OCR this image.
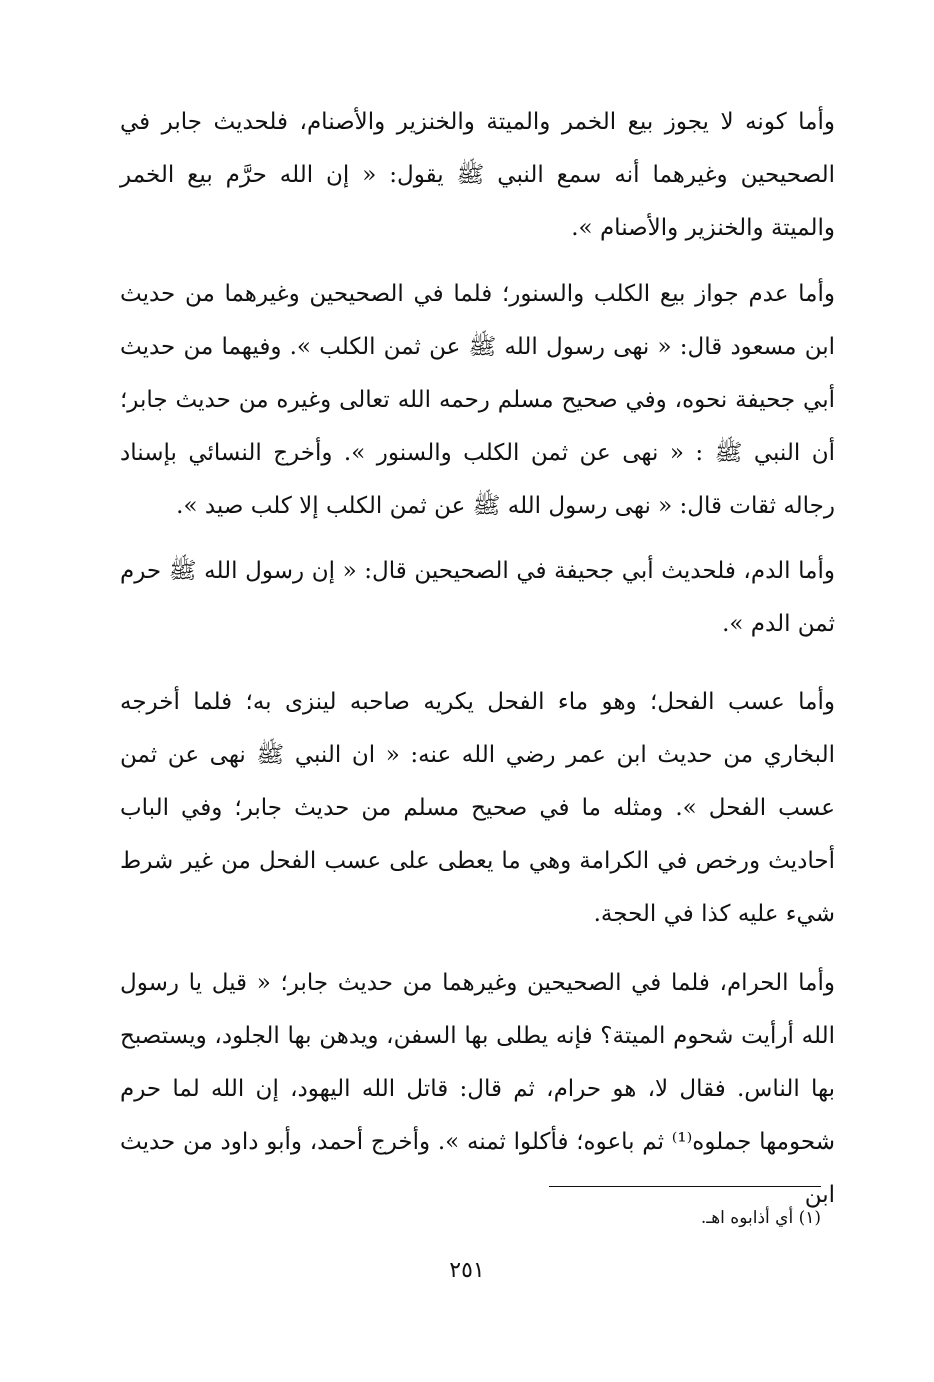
وأما كونه لا يجوز بيع الخمر والميتة والخنزير والأصنام، فلحديث جابر في الصحيحين وغيرهما أنه سمع النبي ﷺ يقول: « إن الله حرَّم بيع الخمر والميتة والخنزير والأصنام ».

وأما عدم جواز بيع الكلب والسنور؛ فلما في الصحيحين وغيرهما من حديث ابن مسعود قال: « نهى رسول الله ﷺ عن ثمن الكلب ». وفيهما من حديث أبي جحيفة نحوه، وفي صحيح مسلم رحمه الله تعالى وغيره من حديث جابر؛ أن النبي ﷺ : « نهى عن ثمن الكلب والسنور ». وأخرج النسائي بإسناد رجاله ثقات قال: « نهى رسول الله ﷺ عن ثمن الكلب إلا كلب صيد ».

وأما الدم، فلحديث أبي جحيفة في الصحيحين قال: « إن رسول الله ﷺ حرم ثمن الدم ».

وأما عسب الفحل؛ وهو ماء الفحل يكريه صاحبه لينزى به؛ فلما أخرجه البخاري من حديث ابن عمر رضي الله عنه: « ان النبي ﷺ نهى عن ثمن عسب الفحل ». ومثله ما في صحيح مسلم من حديث جابر؛ وفي الباب أحاديث ورخص في الكرامة وهي ما يعطى على عسب الفحل من غير شرط شيء عليه كذا في الحجة.

وأما الحرام، فلما في الصحيحين وغيرهما من حديث جابر؛ « قيل يا رسول الله أرأيت شحوم الميتة؟ فإنه يطلى بها السفن، ويدهن بها الجلود، ويستصبح بها الناس. فقال لا، هو حرام، ثم قال: قاتل الله اليهود، إن الله لما حرم شحومها جملوه⁽¹⁾ ثم باعوه؛ فأكلوا ثمنه ». وأخرج أحمد، وأبو داود من حديث ابن

(١) أي أذابوه اهـ.
٢٥١
